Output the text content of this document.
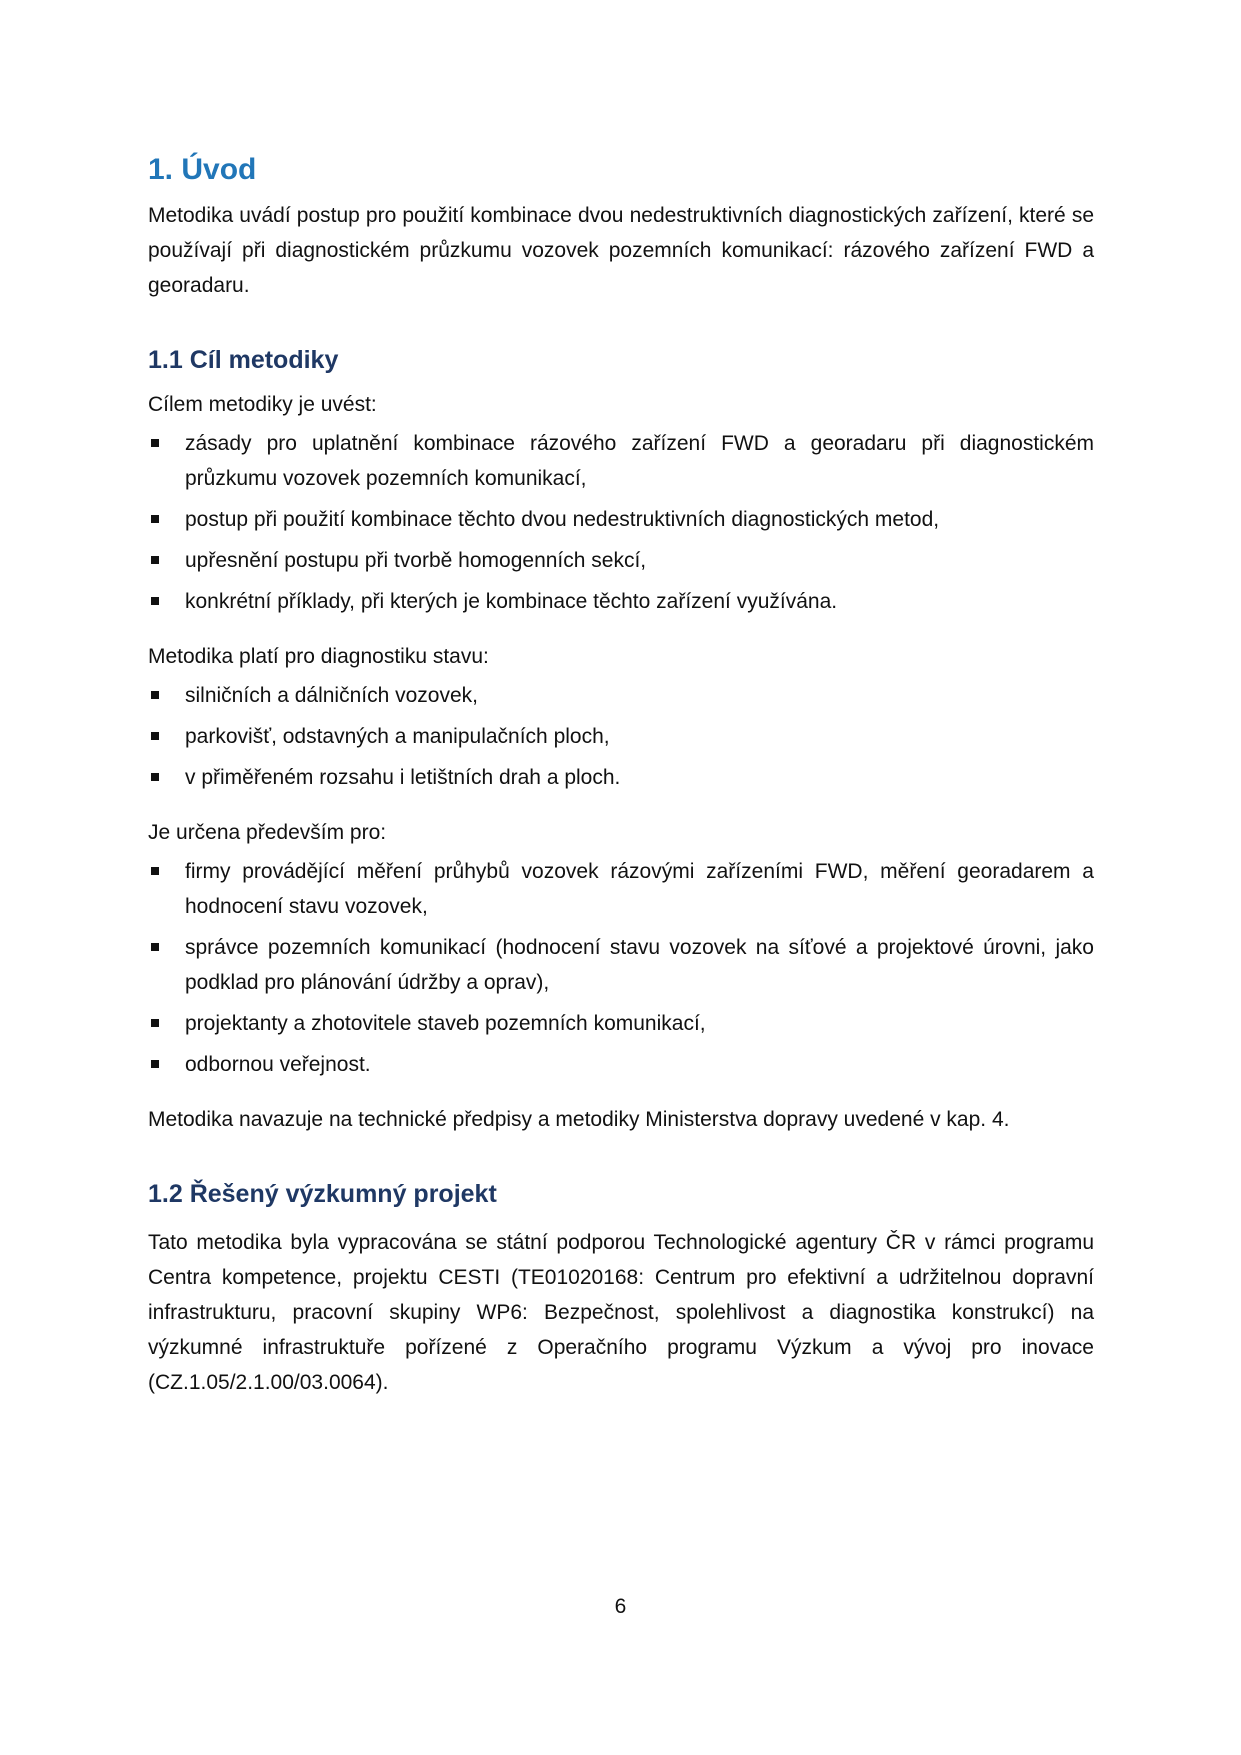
1. Úvod

Metodika uvádí postup pro použití kombinace dvou nedestruktivních diagnostických zařízení, které se používají při diagnostickém průzkumu vozovek pozemních komunikací: rázového zařízení FWD a georadaru.

1.1 Cíl metodiky

Cílem metodiky je uvést:

zásady pro uplatnění kombinace rázového zařízení FWD a georadaru při diagnostickém průzkumu vozovek pozemních komunikací,
postup při použití kombinace těchto dvou nedestruktivních diagnostických metod,
upřesnění postupu při tvorbě homogenních sekcí,
konkrétní příklady, při kterých je kombinace těchto zařízení využívána.

Metodika platí pro diagnostiku stavu:

silničních a dálničních vozovek,
parkovišť, odstavných a manipulačních ploch,
v přiměřeném rozsahu i letištních drah a ploch.

Je určena především pro:

firmy provádějící měření průhybů vozovek rázovými zařízeními FWD, měření georadarem a hodnocení stavu vozovek,
správce pozemních komunikací (hodnocení stavu vozovek na síťové a projektové úrovni, jako podklad pro plánování údržby a oprav),
projektanty a zhotovitele staveb pozemních komunikací,
odbornou veřejnost.

Metodika navazuje na technické předpisy a metodiky Ministerstva dopravy uvedené v kap. 4.

1.2 Řešený výzkumný projekt

Tato metodika byla vypracována se státní podporou Technologické agentury ČR v rámci programu Centra kompetence, projektu CESTI (TE01020168: Centrum pro efektivní a udržitelnou dopravní infrastrukturu, pracovní skupiny WP6: Bezpečnost, spolehlivost a diagnostika konstrukcí) na výzkumné infrastruktuře pořízené z Operačního programu Výzkum a vývoj pro inovace (CZ.1.05/2.1.00/03.0064).

6
